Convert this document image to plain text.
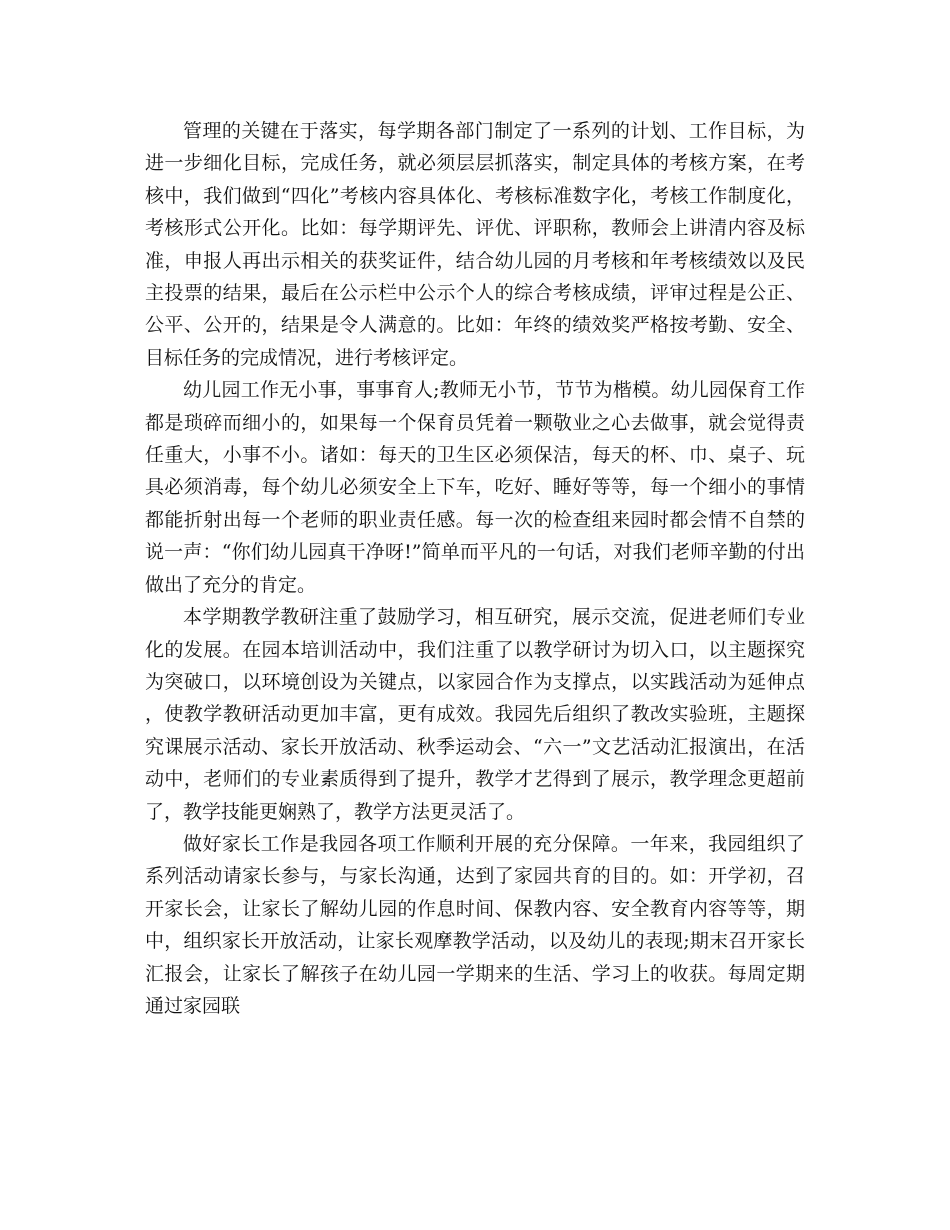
管理的关键在于落实，每学期各部门制定了一系列的计划、工作目标，为进一步细化目标，完成任务，就必须层层抓落实，制定具体的考核方案，在考核中，我们做到“四化”考核内容具体化、考核标准数字化，考核工作制度化，考核形式公开化。比如：每学期评先、评优、评职称，教师会上讲清内容及标准，申报人再出示相关的获奖证件，结合幼儿园的月考核和年考核绩效以及民主投票的结果，最后在公示栏中公示个人的综合考核成绩，评审过程是公正、公平、公开的，结果是令人满意的。比如：年终的绩效奖严格按考勤、安全、目标任务的完成情况，进行考核评定。

幼儿园工作无小事，事事育人;教师无小节，节节为楷模。幼儿园保育工作都是琐碎而细小的，如果每一个保育员凭着一颗敬业之心去做事，就会觉得责任重大，小事不小。诸如：每天的卫生区必须保洁，每天的杯、巾、桌子、玩具必须消毒，每个幼儿必须安全上下车，吃好、睡好等等，每一个细小的事情都能折射出每一个老师的职业责任感。每一次的检查组来园时都会情不自禁的说一声：“你们幼儿园真干净呀!”简单而平凡的一句话，对我们老师辛勤的付出做出了充分的肯定。

本学期教学教研注重了鼓励学习，相互研究，展示交流，促进老师们专业化的发展。在园本培训活动中，我们注重了以教学研讨为切入口，以主题探究为突破口，以环境创设为关键点，以家园合作为支撑点，以实践活动为延伸点，使教学教研活动更加丰富，更有成效。我园先后组织了教改实验班，主题探究课展示活动、家长开放活动、秋季运动会、“六一”文艺活动汇报演出，在活动中，老师们的专业素质得到了提升，教学才艺得到了展示，教学理念更超前了，教学技能更娴熟了，教学方法更灵活了。

做好家长工作是我园各项工作顺利开展的充分保障。一年来，我园组织了系列活动请家长参与，与家长沟通，达到了家园共育的目的。如：开学初，召开家长会，让家长了解幼儿园的作息时间、保教内容、安全教育内容等等，期中，组织家长开放活动，让家长观摩教学活动，以及幼儿的表现;期末召开家长汇报会，让家长了解孩子在幼儿园一学期来的生活、学习上的收获。每周定期通过家园联
